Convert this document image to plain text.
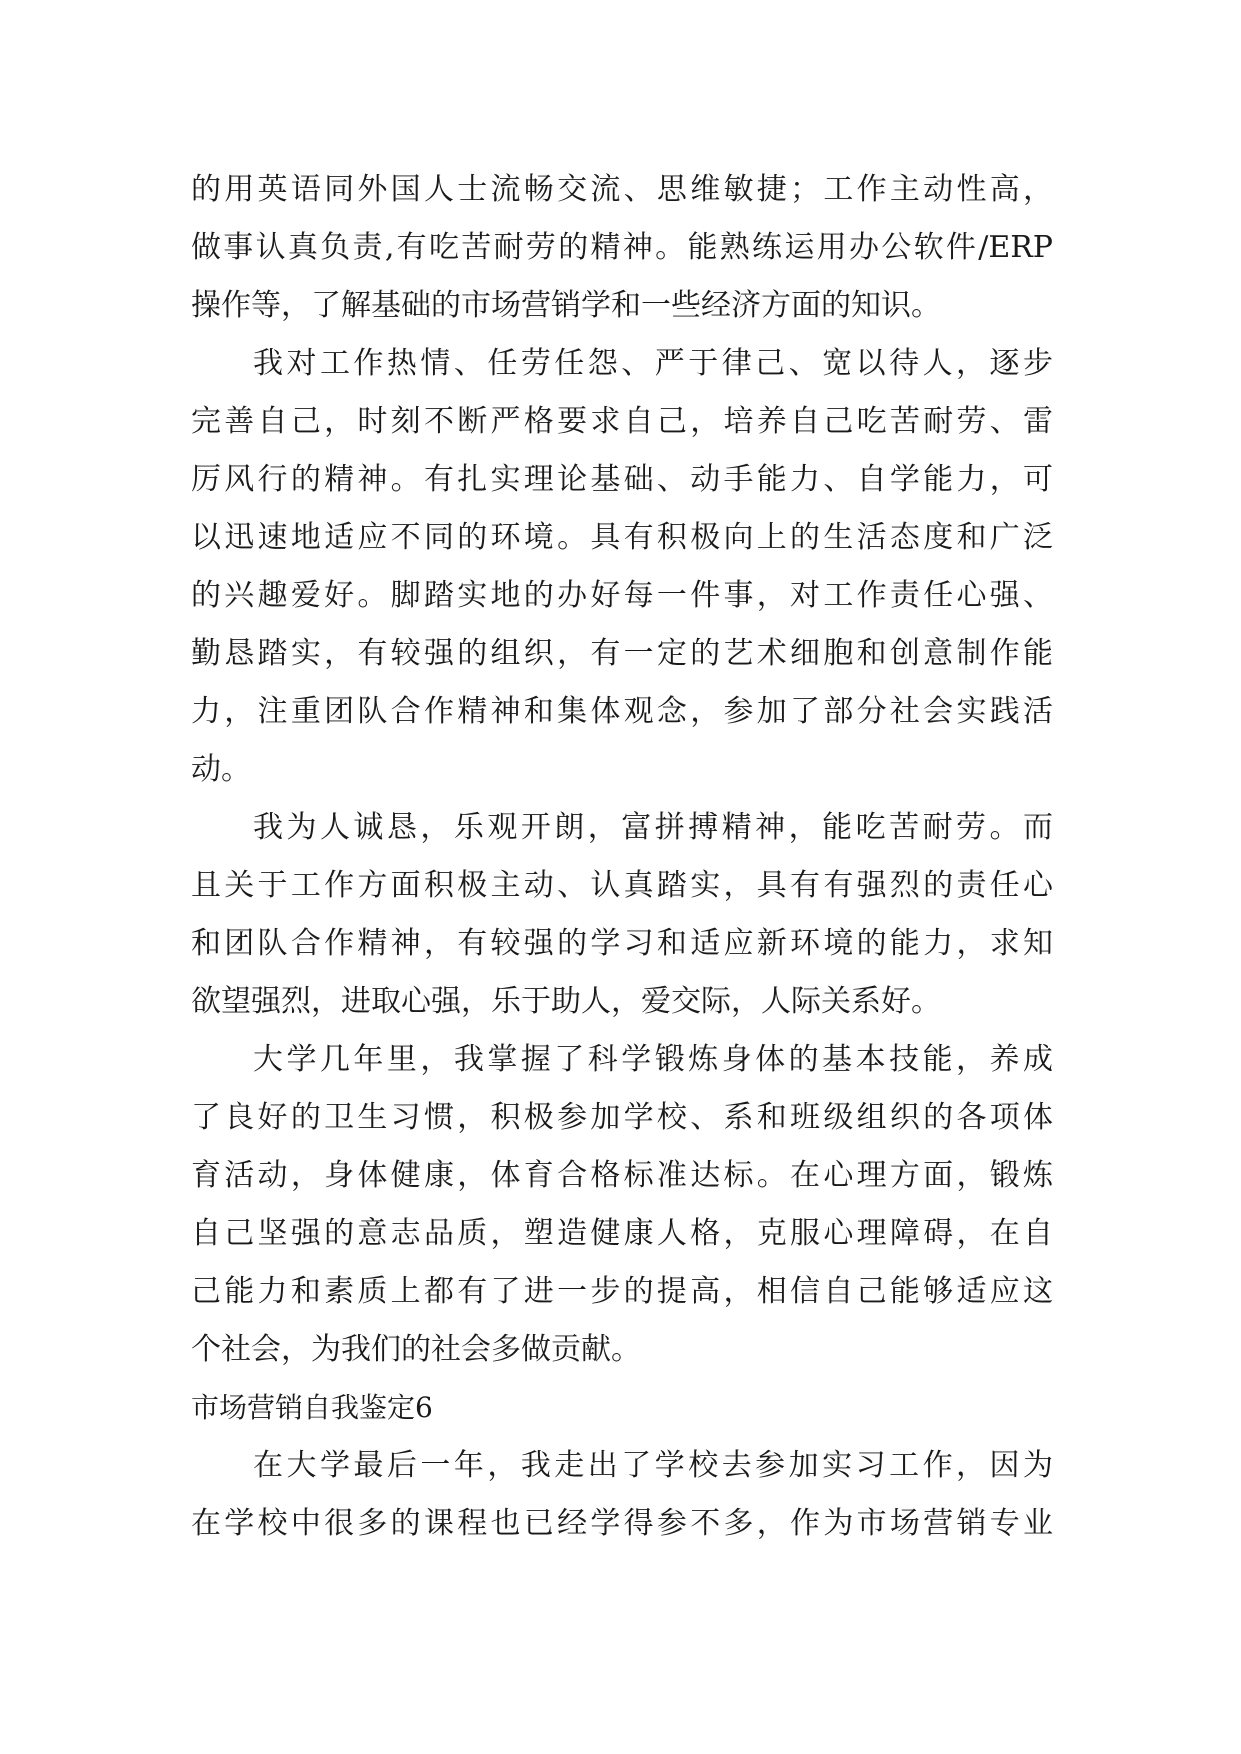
的用英语同外国人士流畅交流、思维敏捷；工作主动性高，
做事认真负责,有吃苦耐劳的精神。能熟练运用办公软件/ERP
操作等，了解基础的市场营销学和一些经济方面的知识。
我对工作热情、任劳任怨、严于律己、宽以待人，逐步
完善自己，时刻不断严格要求自己，培养自己吃苦耐劳、雷
厉风行的精神。有扎实理论基础、动手能力、自学能力，可
以迅速地适应不同的环境。具有积极向上的生活态度和广泛
的兴趣爱好。脚踏实地的办好每一件事，对工作责任心强、
勤恳踏实，有较强的组织，有一定的艺术细胞和创意制作能
力，注重团队合作精神和集体观念，参加了部分社会实践活
动。
我为人诚恳，乐观开朗，富拼搏精神，能吃苦耐劳。而
且关于工作方面积极主动、认真踏实，具有有强烈的责任心
和团队合作精神，有较强的学习和适应新环境的能力，求知
欲望强烈，进取心强，乐于助人，爱交际，人际关系好。
大学几年里，我掌握了科学锻炼身体的基本技能，养成
了良好的卫生习惯，积极参加学校、系和班级组织的各项体
育活动，身体健康，体育合格标准达标。在心理方面，锻炼
自己坚强的意志品质，塑造健康人格，克服心理障碍，在自
己能力和素质上都有了进一步的提高，相信自己能够适应这
个社会，为我们的社会多做贡献。
市场营销自我鉴定6
在大学最后一年，我走出了学校去参加实习工作，因为
在学校中很多的课程也已经学得参不多，作为市场营销专业
